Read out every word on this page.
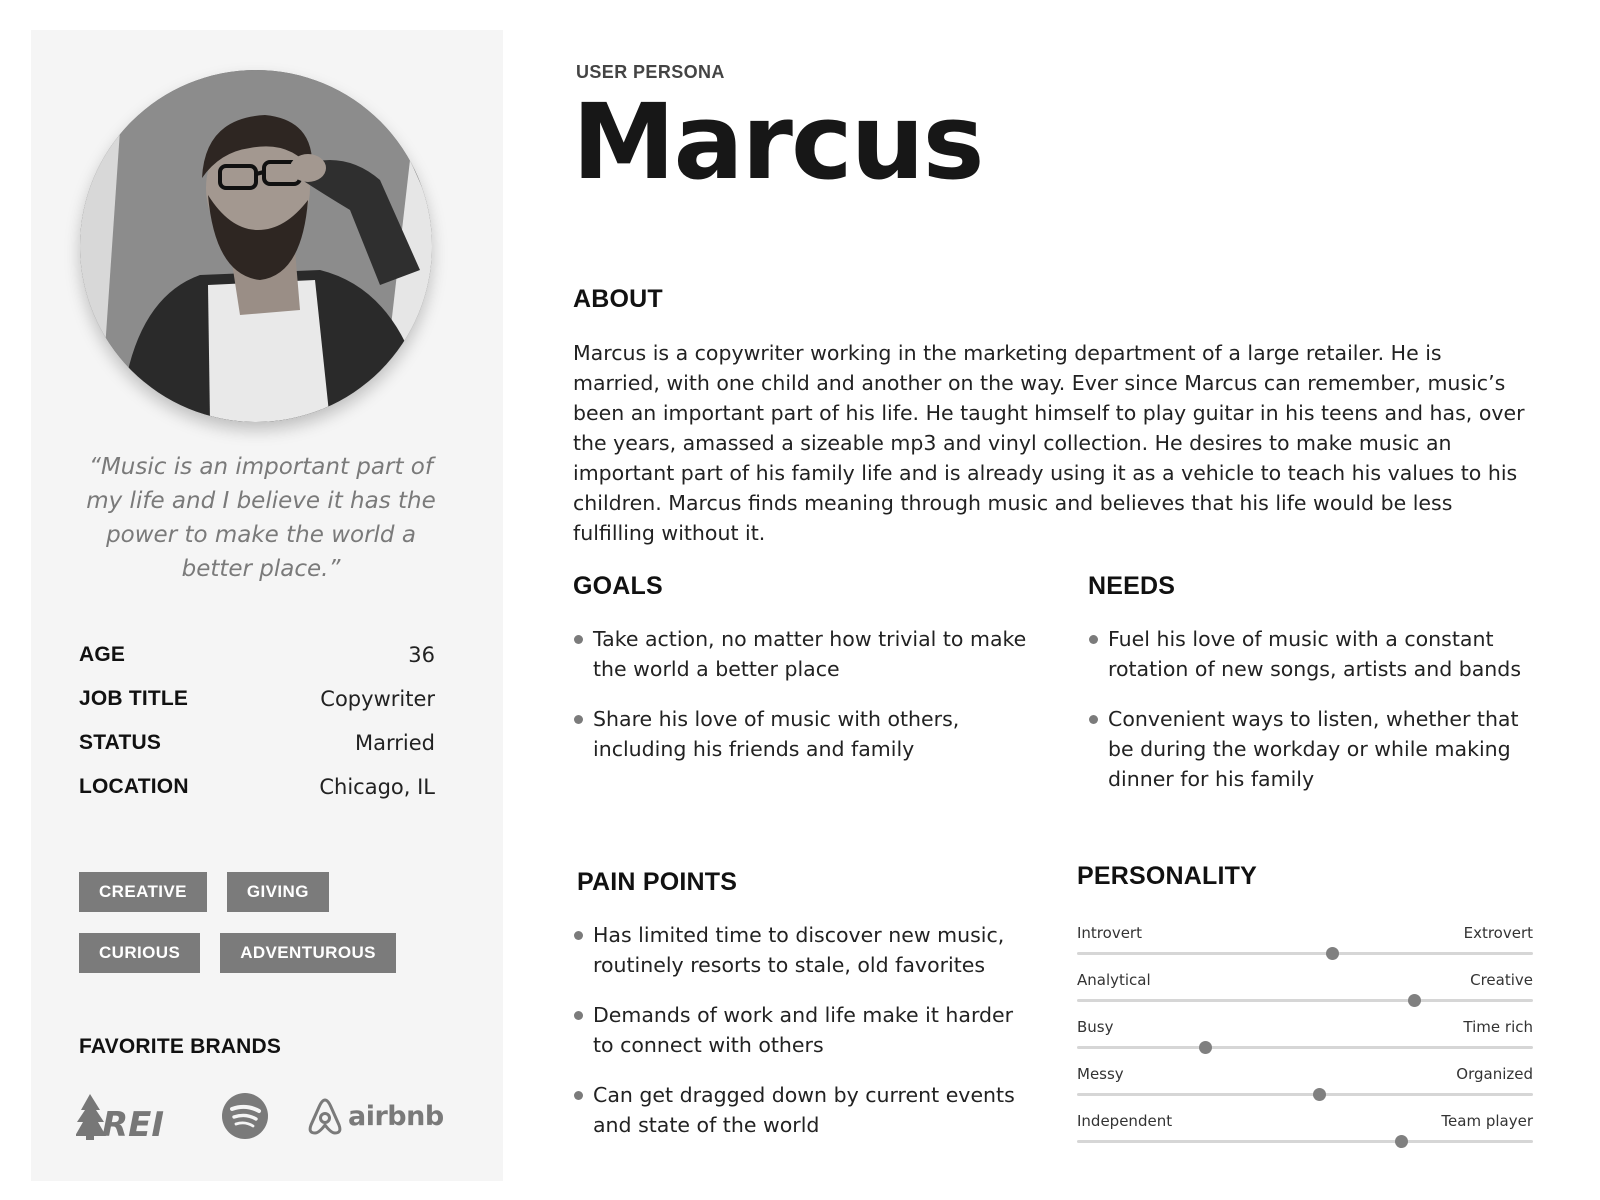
“Music is an important part of my life and I believe it has the power to make the world a better place.”

AGE	36
JOB TITLE	Copywriter
STATUS	Married
LOCATION	Chicago, IL
CREATIVE	GIVING
CURIOUS	ADVENTUROUS
FAVORITE BRANDS
REI	airbnb
USER PERSONA
Marcus
ABOUT

Marcus is a copywriter working in the marketing department of a large retailer. He is married, with one child and another on the way. Ever since Marcus can remember, music’s been an important part of his life. He taught himself to play guitar in his teens and has, over the years, amassed a sizeable mp3 and vinyl collection. He desires to make music an important part of his family life and is already using it as a vehicle to teach his values to his children. Marcus finds meaning through music and believes that his life would be less fulfilling without it.

GOALS
Take action, no matter how trivial to make the world a better place
Share his love of music with others, including his friends and family
NEEDS
Fuel his love of music with a constant rotation of new songs, artists and bands
Convenient ways to listen, whether that be during the workday or while making dinner for his family
PAIN POINTS
Has limited time to discover new music, routinely resorts to stale, old favorites
Demands of work and life make it harder to connect with others
Can get dragged down by current events and state of the world
PERSONALITY
Introvert	Extrovert
Analytical	Creative
Busy	Time rich
Messy	Organized
Independent	Team player
